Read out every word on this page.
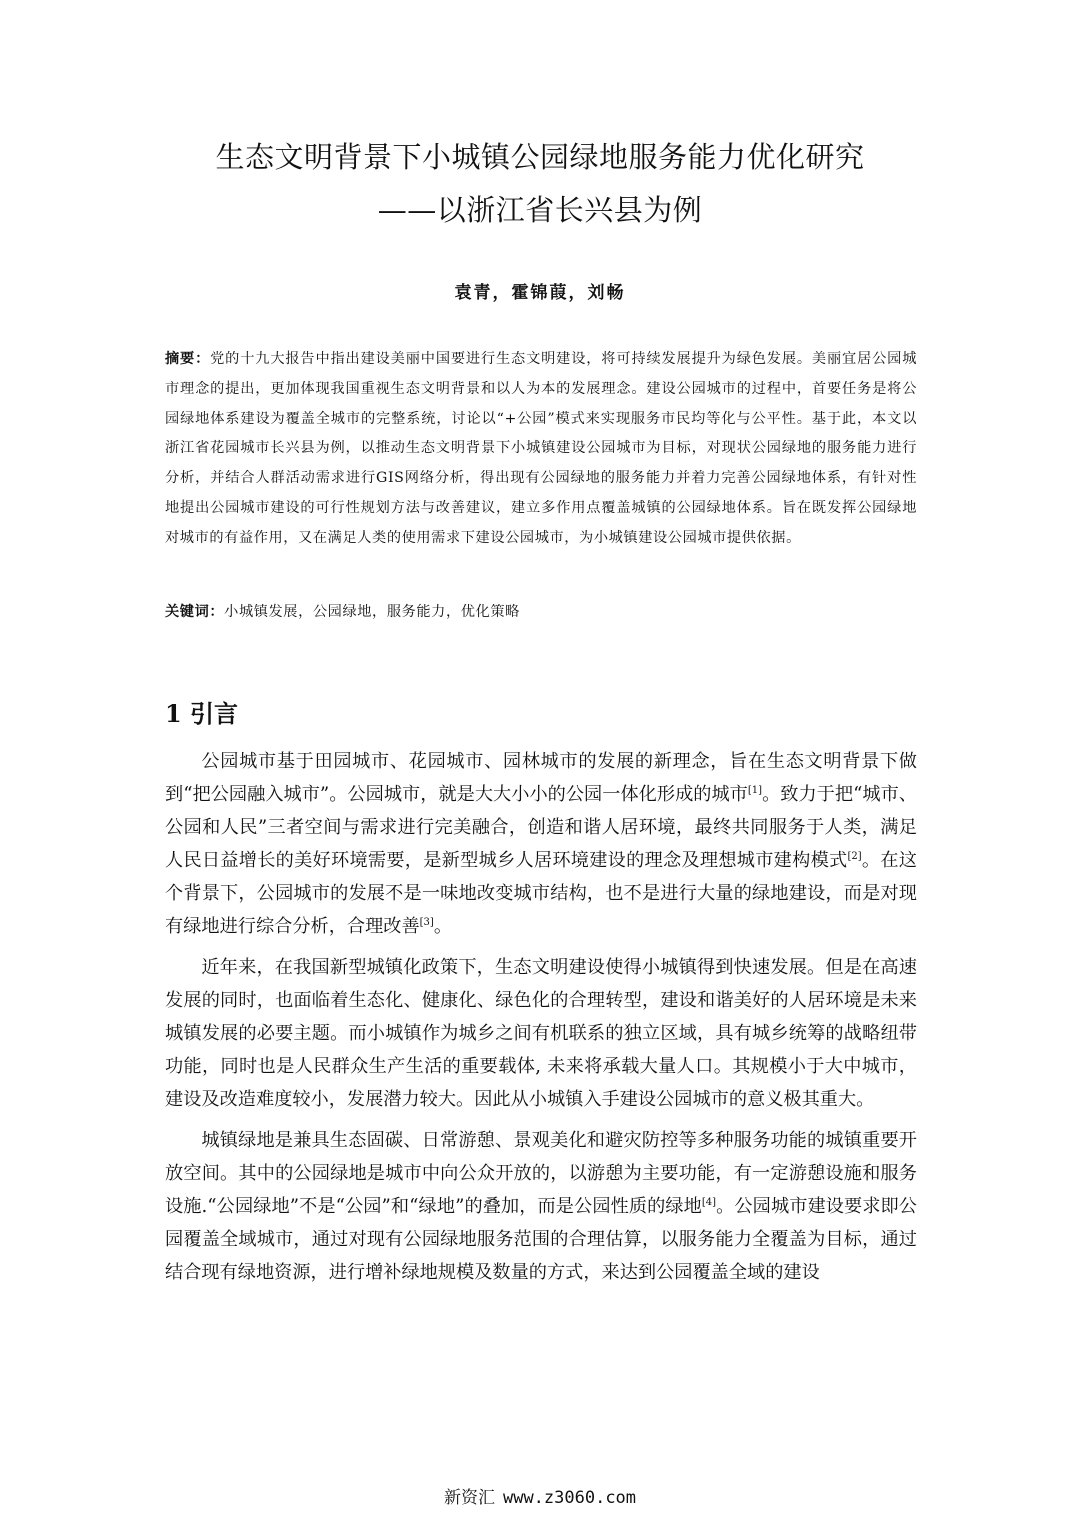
生态文明背景下小城镇公园绿地服务能力优化研究
——以浙江省长兴县为例
袁青，霍锦葭，刘畅
摘要：党的十九大报告中指出建设美丽中国要进行生态文明建设，将可持续发展提升为绿色发展。美丽宜居公园城市理念的提出，更加体现我国重视生态文明背景和以人为本的发展理念。建设公园城市的过程中，首要任务是将公园绿地体系建设为覆盖全城市的完整系统，讨论以“+公园”模式来实现服务市民均等化与公平性。基于此，本文以浙江省花园城市长兴县为例，以推动生态文明背景下小城镇建设公园城市为目标，对现状公园绿地的服务能力进行分析，并结合人群活动需求进行GIS网络分析，得出现有公园绿地的服务能力并着力完善公园绿地体系，有针对性地提出公园城市建设的可行性规划方法与改善建议，建立多作用点覆盖城镇的公园绿地体系。旨在既发挥公园绿地对城市的有益作用，又在满足人类的使用需求下建设公园城市，为小城镇建设公园城市提供依据。
关键词：小城镇发展，公园绿地，服务能力，优化策略
1 引言

公园城市基于田园城市、花园城市、园林城市的发展的新理念，旨在生态文明背景下做到“把公园融入城市”。公园城市，就是大大小小的公园一体化形成的城市[1]。致力于把“城市、公园和人民”三者空间与需求进行完美融合，创造和谐人居环境，最终共同服务于人类，满足人民日益增长的美好环境需要，是新型城乡人居环境建设的理念及理想城市建构模式[2]。在这个背景下，公园城市的发展不是一味地改变城市结构，也不是进行大量的绿地建设，而是对现有绿地进行综合分析，合理改善[3]。

近年来，在我国新型城镇化政策下，生态文明建设使得小城镇得到快速发展。但是在高速发展的同时，也面临着生态化、健康化、绿色化的合理转型，建设和谐美好的人居环境是未来城镇发展的必要主题。而小城镇作为城乡之间有机联系的独立区域，具有城乡统筹的战略纽带功能，同时也是人民群众生产生活的重要载体, 未来将承载大量人口。其规模小于大中城市，建设及改造难度较小，发展潜力较大。因此从小城镇入手建设公园城市的意义极其重大。

城镇绿地是兼具生态固碳、日常游憩、景观美化和避灾防控等多种服务功能的城镇重要开放空间。其中的公园绿地是城市中向公众开放的，以游憩为主要功能，有一定游憩设施和服务设施.“公园绿地”不是“公园”和“绿地”的叠加，而是公园性质的绿地[4]。公园城市建设要求即公园覆盖全域城市，通过对现有公园绿地服务范围的合理估算，以服务能力全覆盖为目标，通过结合现有绿地资源，进行增补绿地规模及数量的方式，来达到公园覆盖全域的建设

新资汇 www.z3060.com
